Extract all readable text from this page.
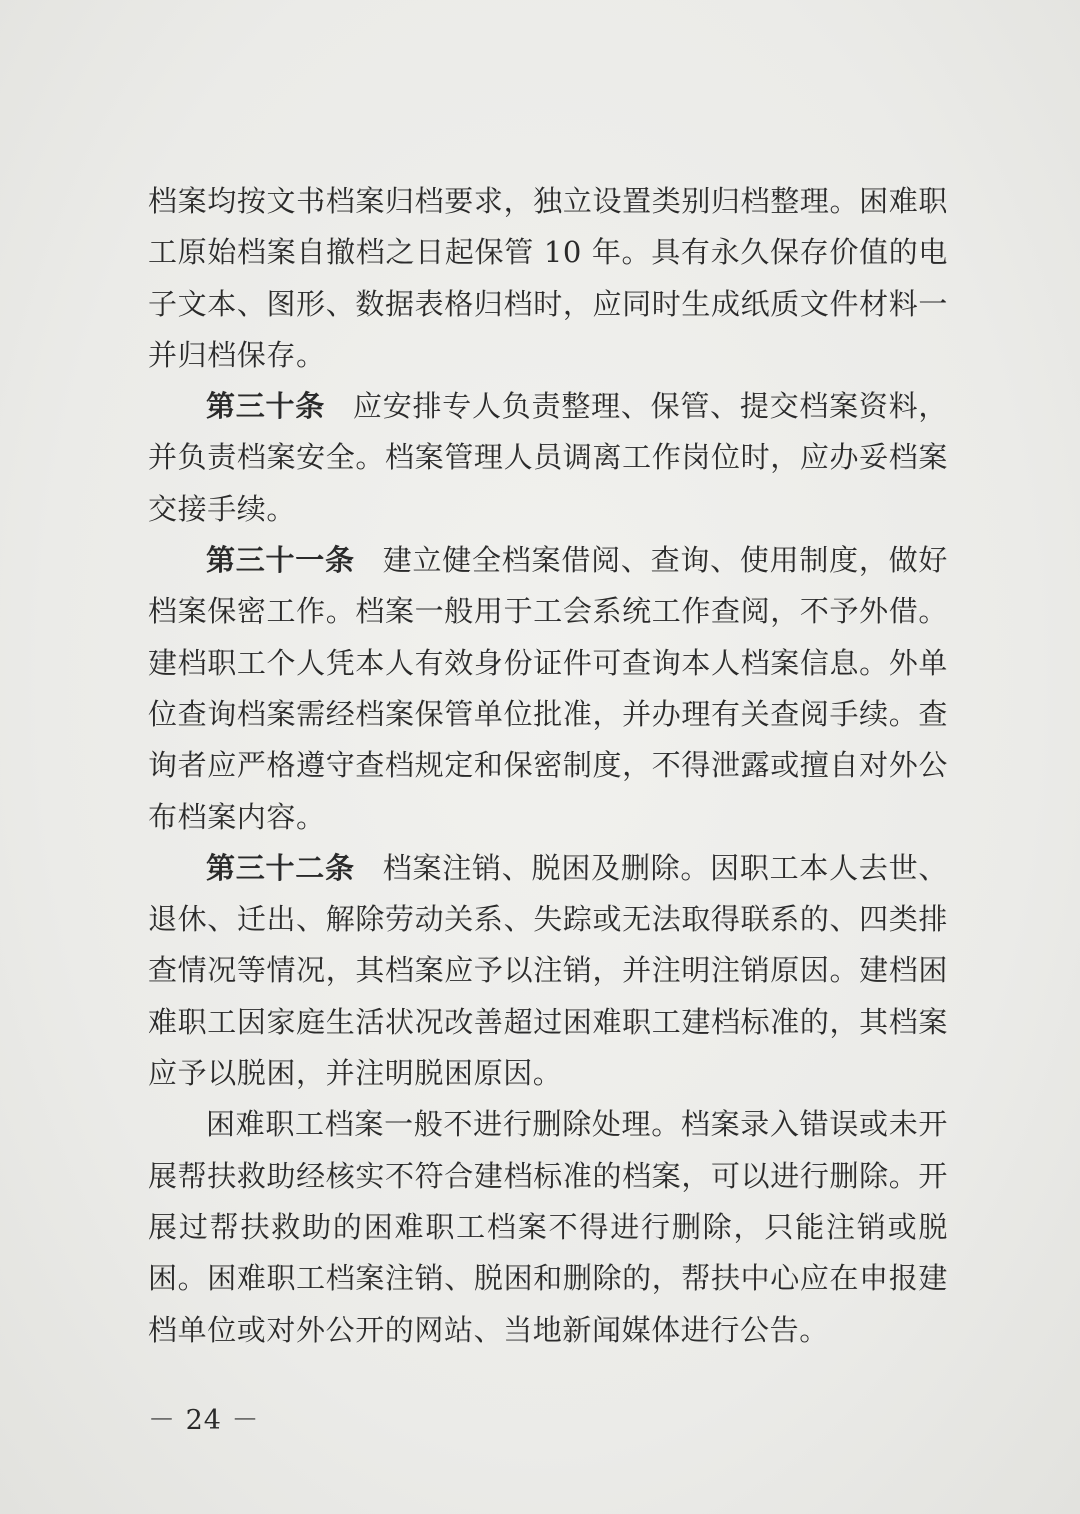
档案均按文书档案归档要求，独立设置类别归档整理。困难职工原始档案自撤档之日起保管 10 年。具有永久保存价值的电子文本、图形、数据表格归档时，应同时生成纸质文件材料一并归档保存。

第三十条 应安排专人负责整理、保管、提交档案资料，并负责档案安全。档案管理人员调离工作岗位时，应办妥档案交接手续。

第三十一条 建立健全档案借阅、查询、使用制度，做好档案保密工作。档案一般用于工会系统工作查阅，不予外借。建档职工个人凭本人有效身份证件可查询本人档案信息。外单位查询档案需经档案保管单位批准，并办理有关查阅手续。查询者应严格遵守查档规定和保密制度，不得泄露或擅自对外公布档案内容。

第三十二条 档案注销、脱困及删除。因职工本人去世、退休、迁出、解除劳动关系、失踪或无法取得联系的、四类排查情况等情况，其档案应予以注销，并注明注销原因。建档困难职工因家庭生活状况改善超过困难职工建档标准的，其档案应予以脱困，并注明脱困原因。

困难职工档案一般不进行删除处理。档案录入错误或未开展帮扶救助经核实不符合建档标准的档案，可以进行删除。开展过帮扶救助的困难职工档案不得进行删除，只能注销或脱困。困难职工档案注销、脱困和删除的，帮扶中心应在申报建档单位或对外公开的网站、当地新闻媒体进行公告。

－ 24 －
